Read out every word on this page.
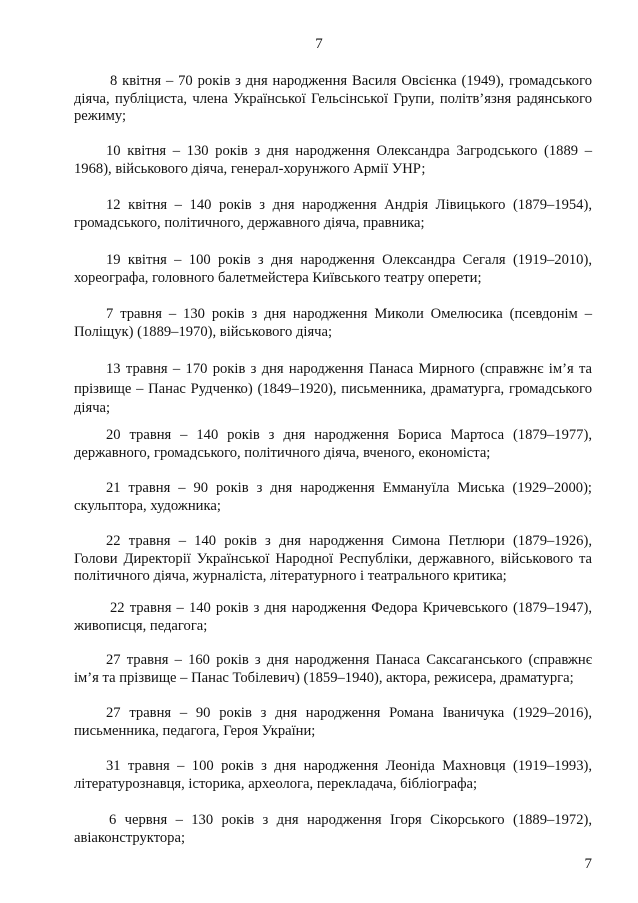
7

8 квітня – 70 років з дня народження Василя Овсієнка (1949), громадського діяча, публіциста, члена Української Гельсінської Групи, політв’язня радянського режиму;

10 квітня – 130 років з дня народження Олександра Загродського (1889 – 1968), військового діяча, генерал-хорунжого Армії УНР;

12 квітня – 140 років з дня народження Андрія Лівицького (1879–1954), громадського, політичного, державного діяча, правника;

19 квітня – 100 років з дня народження Олександра Сегаля (1919–2010), хореографа, головного балетмейстера Київського театру оперети;

7 травня – 130 років з дня народження Миколи Омелюсика (псевдонім – Поліщук) (1889–1970), військового діяча;

13 травня – 170 років з дня народження Панаса Мирного (справжнє ім’я та прізвище – Панас Рудченко) (1849–1920), письменника, драматурга, громадського діяча;

20 травня – 140 років з дня народження Бориса Мартоса (1879–1977), державного, громадського, політичного діяча, вченого, економіста;

21 травня – 90 років з дня народження Еммануїла Миська (1929–2000); скульптора, художника;

22 травня – 140 років з дня народження Симона Петлюри (1879–1926), Голови Директорії Української Народної Республіки, державного, військового та політичного діяча, журналіста, літературного і театрального критика;

22 травня – 140 років з дня народження Федора Кричевського (1879–1947), живописця, педагога;

27 травня – 160 років з дня народження Панаса Саксаганського (справжнє ім’я та прізвище – Панас Тобілевич) (1859–1940), актора, режисера, драматурга;

27 травня – 90 років з дня народження Романа Іваничука (1929–2016), письменника, педагога, Героя України;

31 травня – 100 років з дня народження Леоніда Махновця (1919–1993), літературознавця, історика, археолога, перекладача, бібліографа;

6 червня – 130 років з дня народження Ігоря Сікорського (1889–1972), авіаконструктора;

7
